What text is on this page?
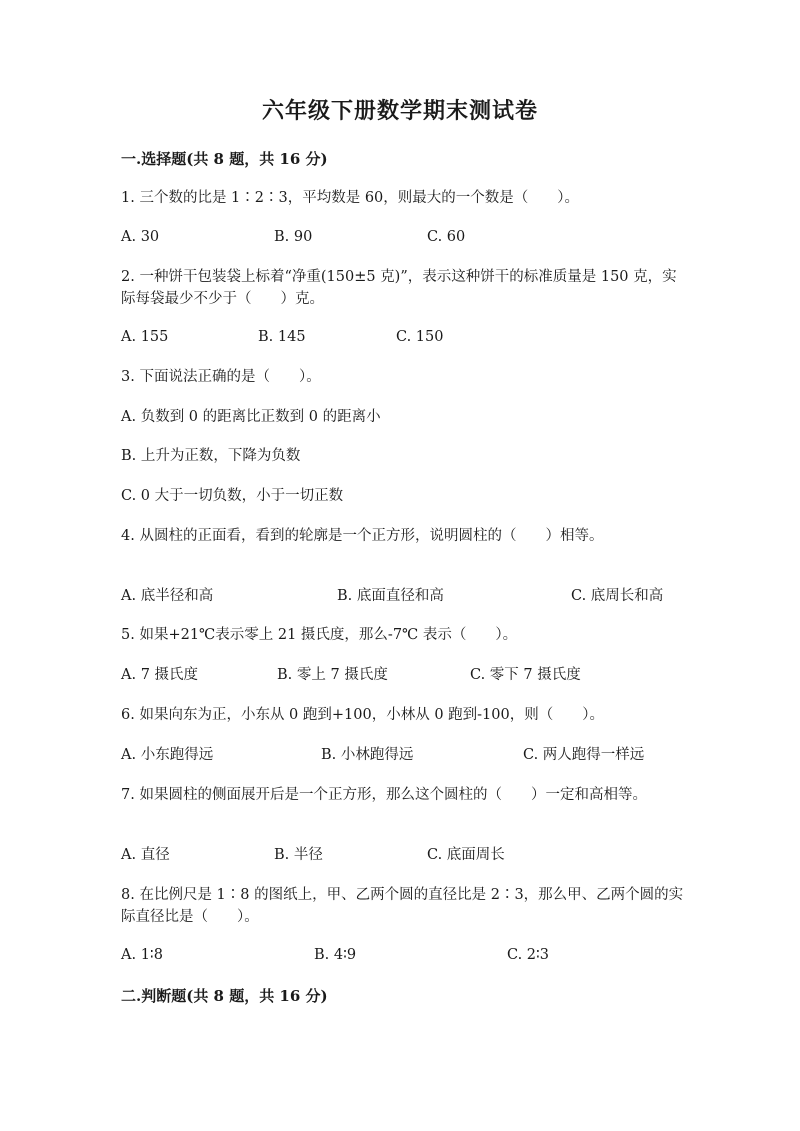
六年级下册数学期末测试卷
一.选择题(共 8 题，共 16 分)
1. 三个数的比是 1∶2∶3，平均数是 60，则最大的一个数是（　　）。
A. 30	B. 90	C. 60
2. 一种饼干包装袋上标着“净重(150±5 克)”，表示这种饼干的标准质量是 150 克，实际每袋最少不少于（　　）克。
A. 155	B. 145	C. 150
3. 下面说法正确的是（　　）。
A. 负数到 0 的距离比正数到 0 的距离小
B. 上升为正数，下降为负数
C. 0 大于一切负数，小于一切正数
4. 从圆柱的正面看，看到的轮廓是一个正方形，说明圆柱的（　　）相等。
A. 底半径和高	B. 底面直径和高	C. 底周长和高
5. 如果+21℃表示零上 21 摄氏度，那么-7℃ 表示（　　）。
A. 7 摄氏度	B. 零上 7 摄氏度	C. 零下 7 摄氏度
6. 如果向东为正，小东从 0 跑到+100，小林从 0 跑到-100，则（　　）。
A. 小东跑得远	B. 小林跑得远	C. 两人跑得一样远
7. 如果圆柱的侧面展开后是一个正方形，那么这个圆柱的（　　）一定和高相等。
A. 直径	B. 半径	C. 底面周长
8. 在比例尺是 1∶8 的图纸上，甲、乙两个圆的直径比是 2∶3，那么甲、乙两个圆的实际直径比是（　　）。
A. 1∶8	B. 4∶9	C. 2∶3
二.判断题(共 8 题，共 16 分)
